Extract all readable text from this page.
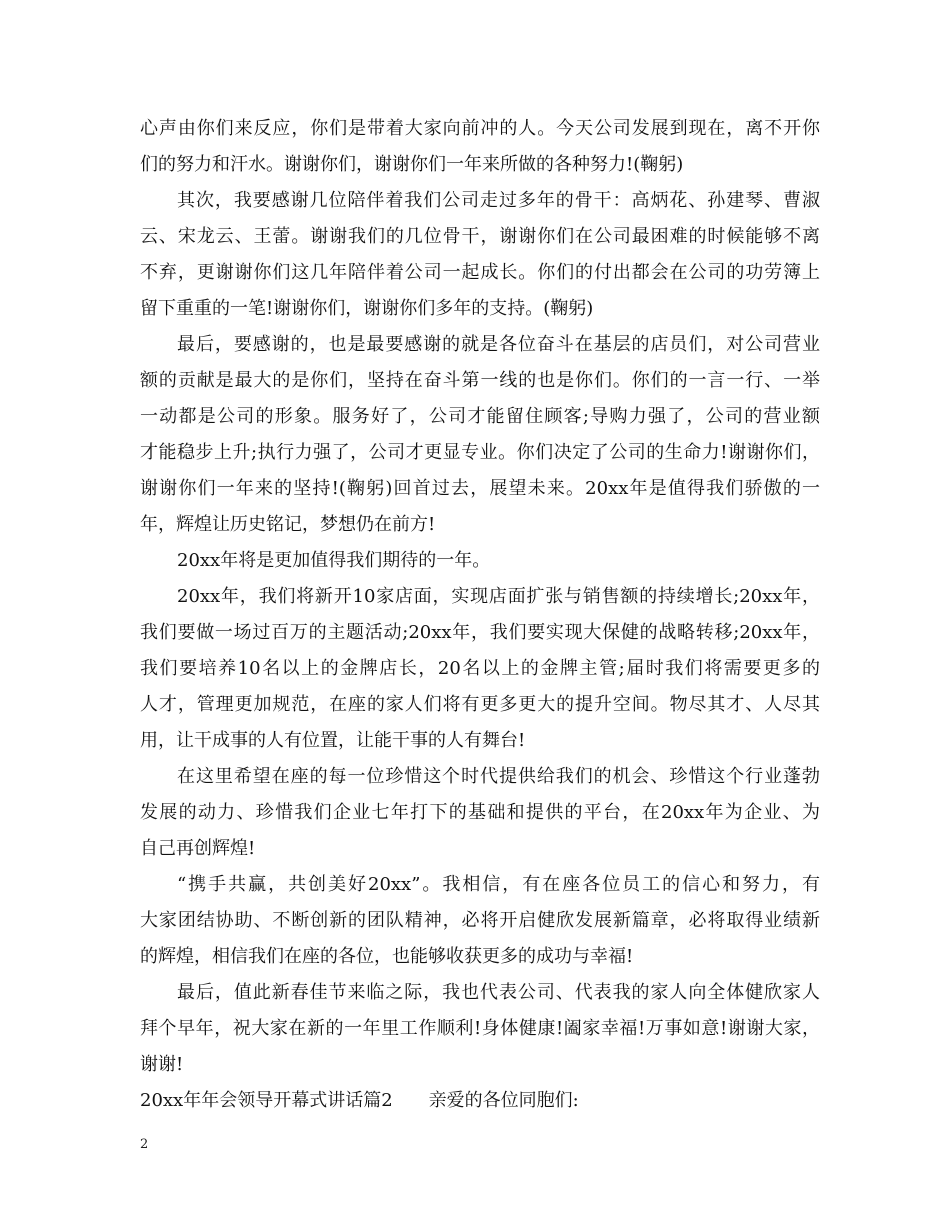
心声由你们来反应，你们是带着大家向前冲的人。今天公司发展到现在，离不开你
们的努力和汗水。谢谢你们，谢谢你们一年来所做的各种努力!(鞠躬)
其次，我要感谢几位陪伴着我们公司走过多年的骨干：高炳花、孙建琴、曹淑
云、宋龙云、王蕾。谢谢我们的几位骨干，谢谢你们在公司最困难的时候能够不离
不弃，更谢谢你们这几年陪伴着公司一起成长。你们的付出都会在公司的功劳簿上
留下重重的一笔!谢谢你们，谢谢你们多年的支持。(鞠躬)
最后，要感谢的，也是最要感谢的就是各位奋斗在基层的店员们，对公司营业
额的贡献是最大的是你们，坚持在奋斗第一线的也是你们。你们的一言一行、一举
一动都是公司的形象。服务好了，公司才能留住顾客;导购力强了，公司的营业额
才能稳步上升;执行力强了，公司才更显专业。你们决定了公司的生命力!谢谢你们，
谢谢你们一年来的坚持!(鞠躬)回首过去，展望未来。20xx年是值得我们骄傲的一
年，辉煌让历史铭记，梦想仍在前方!
20xx年将是更加值得我们期待的一年。
20xx年，我们将新开10家店面，实现店面扩张与销售额的持续增长;20xx年，
我们要做一场过百万的主题活动;20xx年，我们要实现大保健的战略转移;20xx年，
我们要培养10名以上的金牌店长，20名以上的金牌主管;届时我们将需要更多的
人才，管理更加规范，在座的家人们将有更多更大的提升空间。物尽其才、人尽其
用，让干成事的人有位置，让能干事的人有舞台!
在这里希望在座的每一位珍惜这个时代提供给我们的机会、珍惜这个行业蓬勃
发展的动力、珍惜我们企业七年打下的基础和提供的平台，在20xx年为企业、为
自己再创辉煌!
“携手共赢，共创美好20xx”。我相信，有在座各位员工的信心和努力，有
大家团结协助、不断创新的团队精神，必将开启健欣发展新篇章，必将取得业绩新
的辉煌，相信我们在座的各位，也能够收获更多的成功与幸福!
最后，值此新春佳节来临之际，我也代表公司、代表我的家人向全体健欣家人
拜个早年，祝大家在新的一年里工作顺利!身体健康!阖家幸福!万事如意!谢谢大家，
谢谢!
20xx年年会领导开幕式讲话篇2 亲爱的各位同胞们:
2
